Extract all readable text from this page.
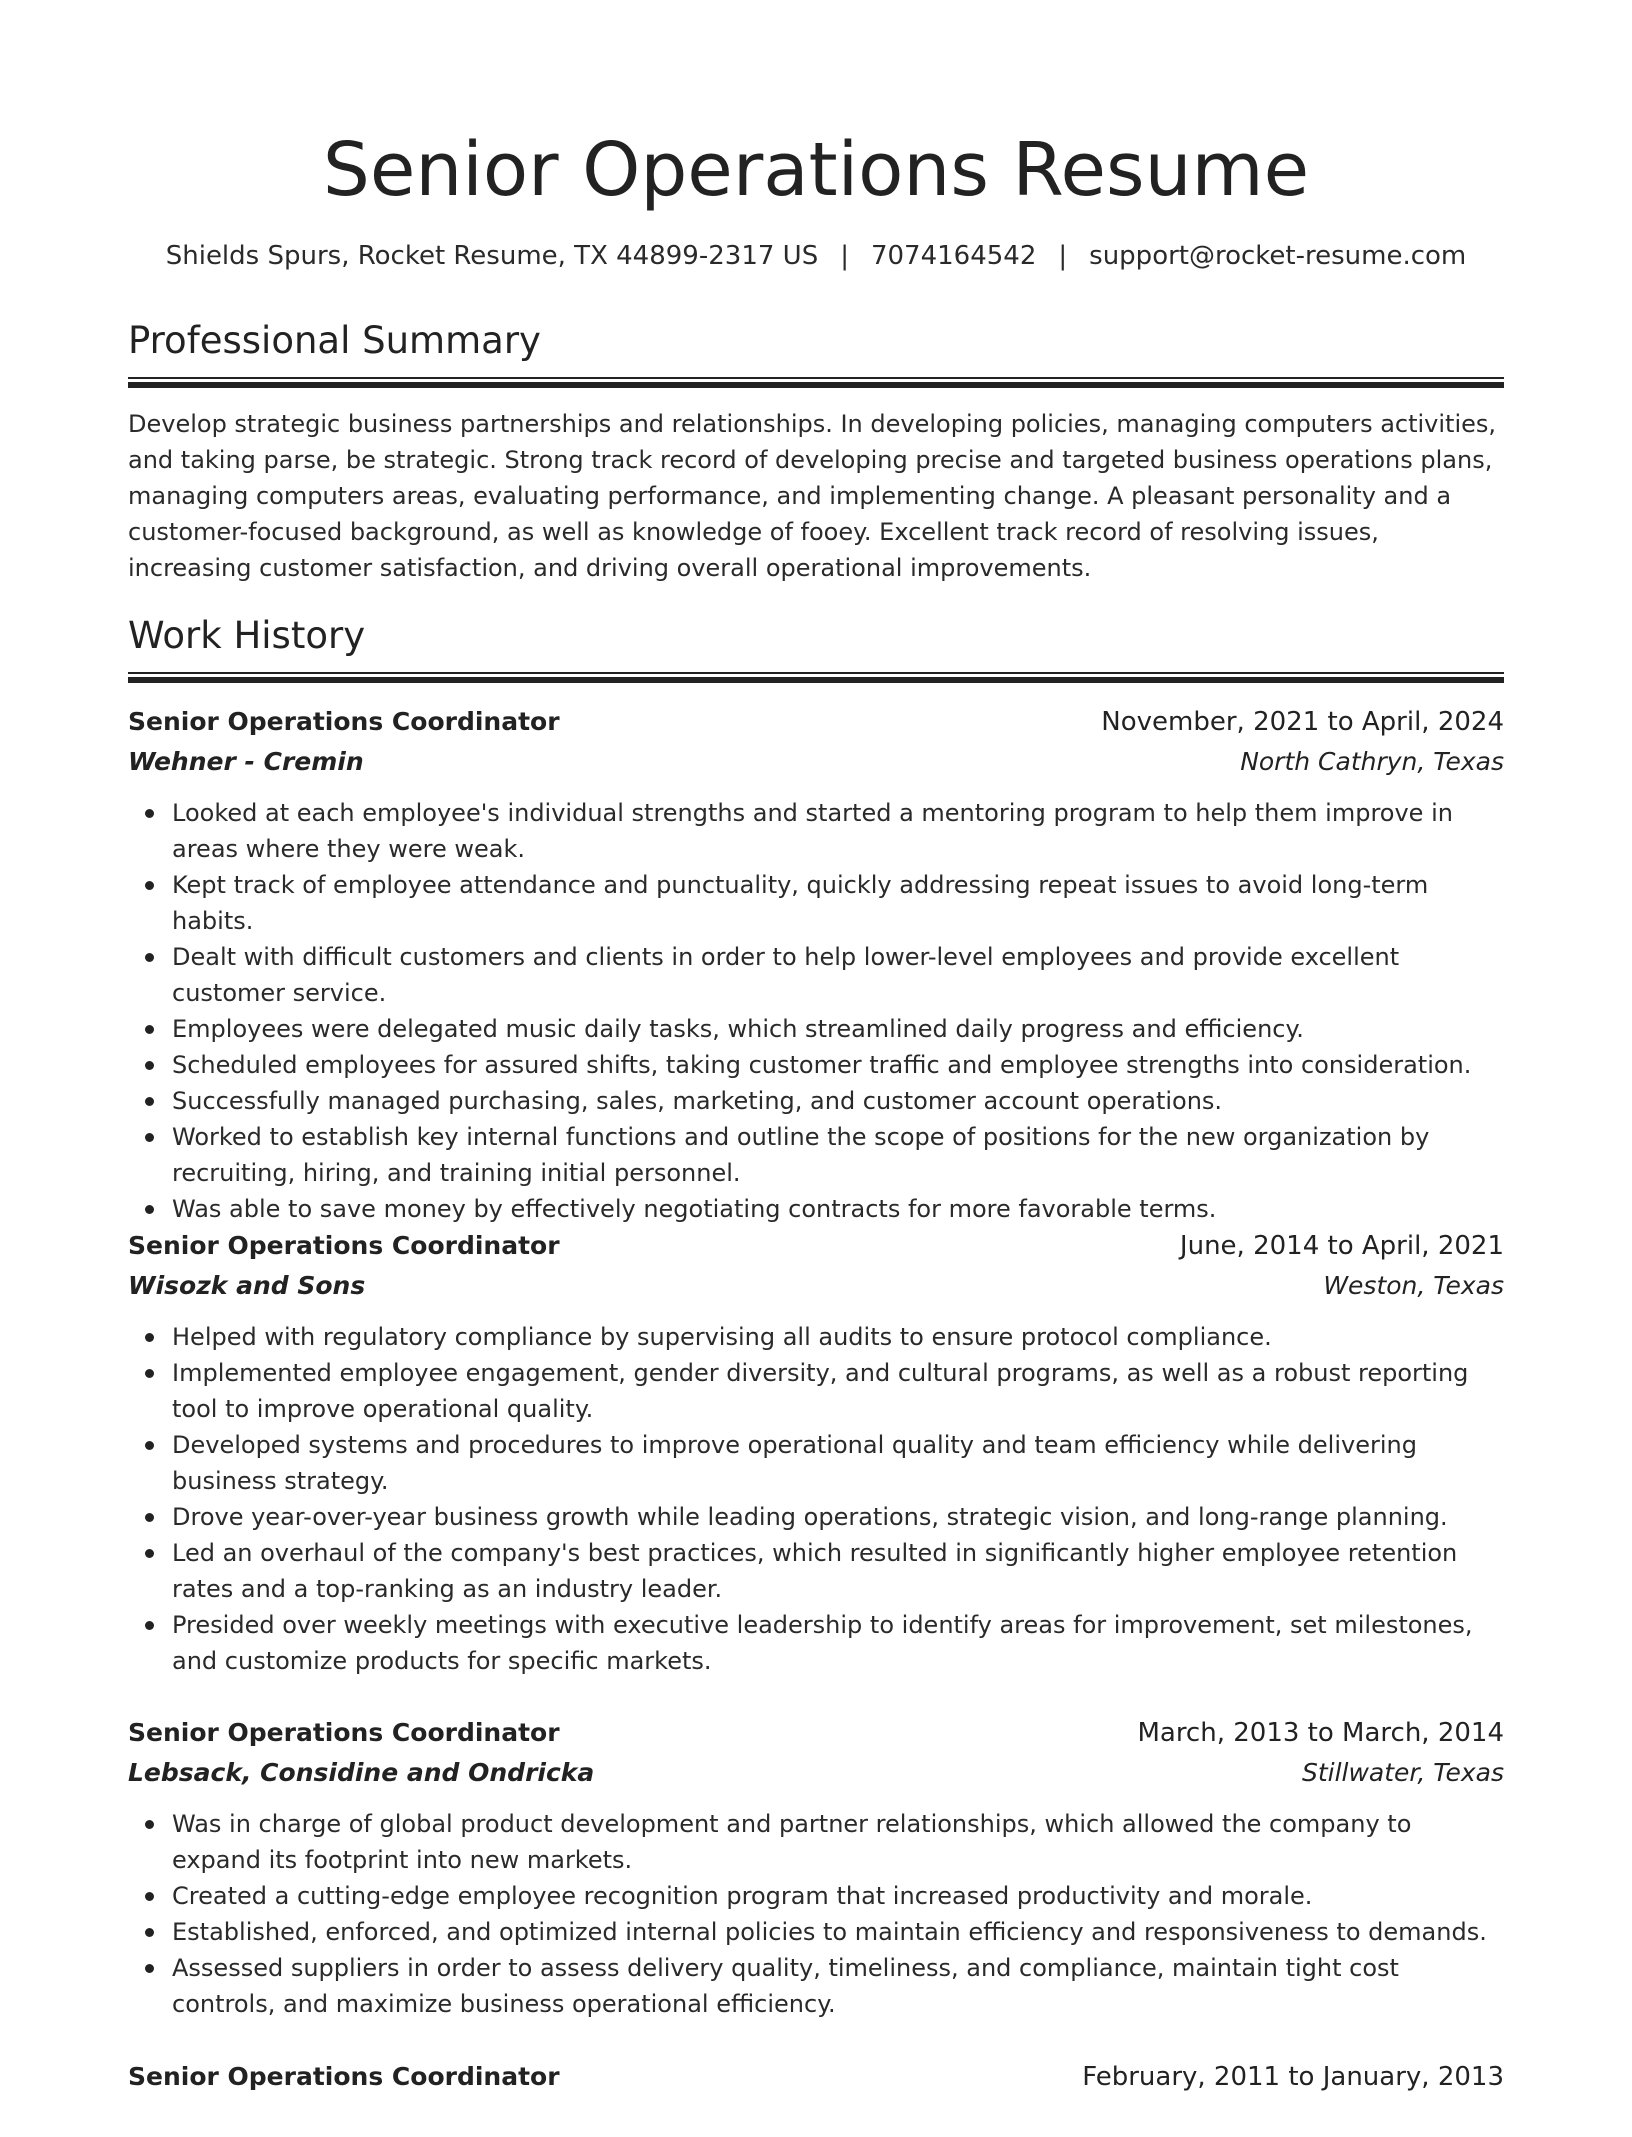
Senior Operations Resume
Shields Spurs, Rocket Resume, TX 44899-2317 US | 7074164542 | support@rocket-resume.com
Professional Summary

Develop strategic business partnerships and relationships. In developing policies, managing computers activities, and taking parse, be strategic. Strong track record of developing precise and targeted business operations plans, managing computers areas, evaluating performance, and implementing change. A pleasant personality and a customer-focused background, as well as knowledge of fooey. Excellent track record of resolving issues, increasing customer satisfaction, and driving overall operational improvements.

Work History
Senior Operations Coordinator	November, 2021 to April, 2024
Wehner - Cremin	North Cathryn, Texas
Looked at each employee's individual strengths and started a mentoring program to help them improve in areas where they were weak.
Kept track of employee attendance and punctuality, quickly addressing repeat issues to avoid long-term habits.
Dealt with difficult customers and clients in order to help lower-level employees and provide excellent customer service.
Employees were delegated music daily tasks, which streamlined daily progress and efficiency.
Scheduled employees for assured shifts, taking customer traffic and employee strengths into consideration.
Successfully managed purchasing, sales, marketing, and customer account operations.
Worked to establish key internal functions and outline the scope of positions for the new organization by recruiting, hiring, and training initial personnel.
Was able to save money by effectively negotiating contracts for more favorable terms.
Senior Operations Coordinator	June, 2014 to April, 2021
Wisozk and Sons	Weston, Texas
Helped with regulatory compliance by supervising all audits to ensure protocol compliance.
Implemented employee engagement, gender diversity, and cultural programs, as well as a robust reporting tool to improve operational quality.
Developed systems and procedures to improve operational quality and team efficiency while delivering business strategy.
Drove year-over-year business growth while leading operations, strategic vision, and long-range planning.
Led an overhaul of the company's best practices, which resulted in significantly higher employee retention rates and a top-ranking as an industry leader.
Presided over weekly meetings with executive leadership to identify areas for improvement, set milestones, and customize products for specific markets.
Senior Operations Coordinator	March, 2013 to March, 2014
Lebsack, Considine and Ondricka	Stillwater, Texas
Was in charge of global product development and partner relationships, which allowed the company to expand its footprint into new markets.
Created a cutting-edge employee recognition program that increased productivity and morale.
Established, enforced, and optimized internal policies to maintain efficiency and responsiveness to demands.
Assessed suppliers in order to assess delivery quality, timeliness, and compliance, maintain tight cost controls, and maximize business operational efficiency.
Senior Operations Coordinator	February, 2011 to January, 2013
